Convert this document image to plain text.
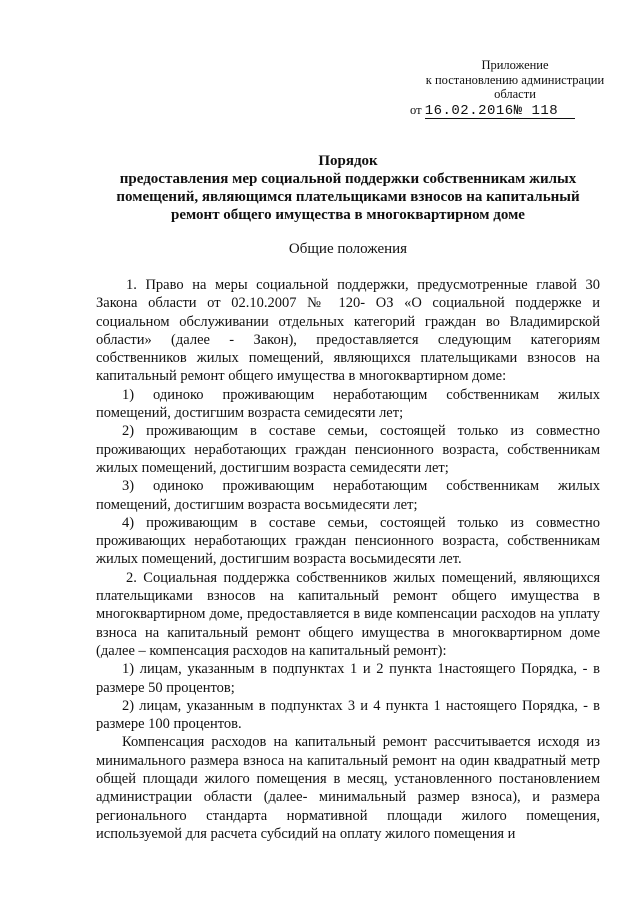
Приложение
к постановлению администрации
области
от 16.02.2016№ 118
Порядок
предоставления мер социальной поддержки собственникам жилых помещений, являющимся плательщиками взносов на капитальный ремонт общего имущества в многоквартирном доме
Общие положения

1. Право на меры социальной поддержки, предусмотренные главой 30 Закона области от 02.10.2007 № 120- ОЗ «О социальной поддержке и социальном обслуживании отдельных категорий граждан во Владимирской области» (далее - Закон), предоставляется следующим категориям собственников жилых помещений, являющихся плательщиками взносов на капитальный ремонт общего имущества в многоквартирном доме:

1) одиноко проживающим неработающим собственникам жилых помещений, достигшим возраста семидесяти лет;

2) проживающим в составе семьи, состоящей только из совместно проживающих неработающих граждан пенсионного возраста, собственникам жилых помещений, достигшим возраста семидесяти лет;

3) одиноко проживающим неработающим собственникам жилых помещений, достигшим возраста восьмидесяти лет;

4) проживающим в составе семьи, состоящей только из совместно проживающих неработающих граждан пенсионного возраста, собственникам жилых помещений, достигшим возраста восьмидесяти лет.

2. Социальная поддержка собственников жилых помещений, являющихся плательщиками взносов на капитальный ремонт общего имущества в многоквартирном доме, предоставляется в виде компенсации расходов на уплату взноса на капитальный ремонт общего имущества в многоквартирном доме (далее – компенсация расходов на капитальный ремонт):

1) лицам, указанным в подпунктах 1 и 2 пункта 1настоящего Порядка, - в размере 50 процентов;

2) лицам, указанным в подпунктах 3 и 4 пункта 1 настоящего Порядка, - в размере 100 процентов.

Компенсация расходов на капитальный ремонт рассчитывается исходя из минимального размера взноса на капитальный ремонт на один квадратный метр общей площади жилого помещения в месяц, установленного постановлением администрации области (далее- минимальный размер взноса), и размера регионального стандарта нормативной площади жилого помещения, используемой для расчета субсидий на оплату жилого помещения и
